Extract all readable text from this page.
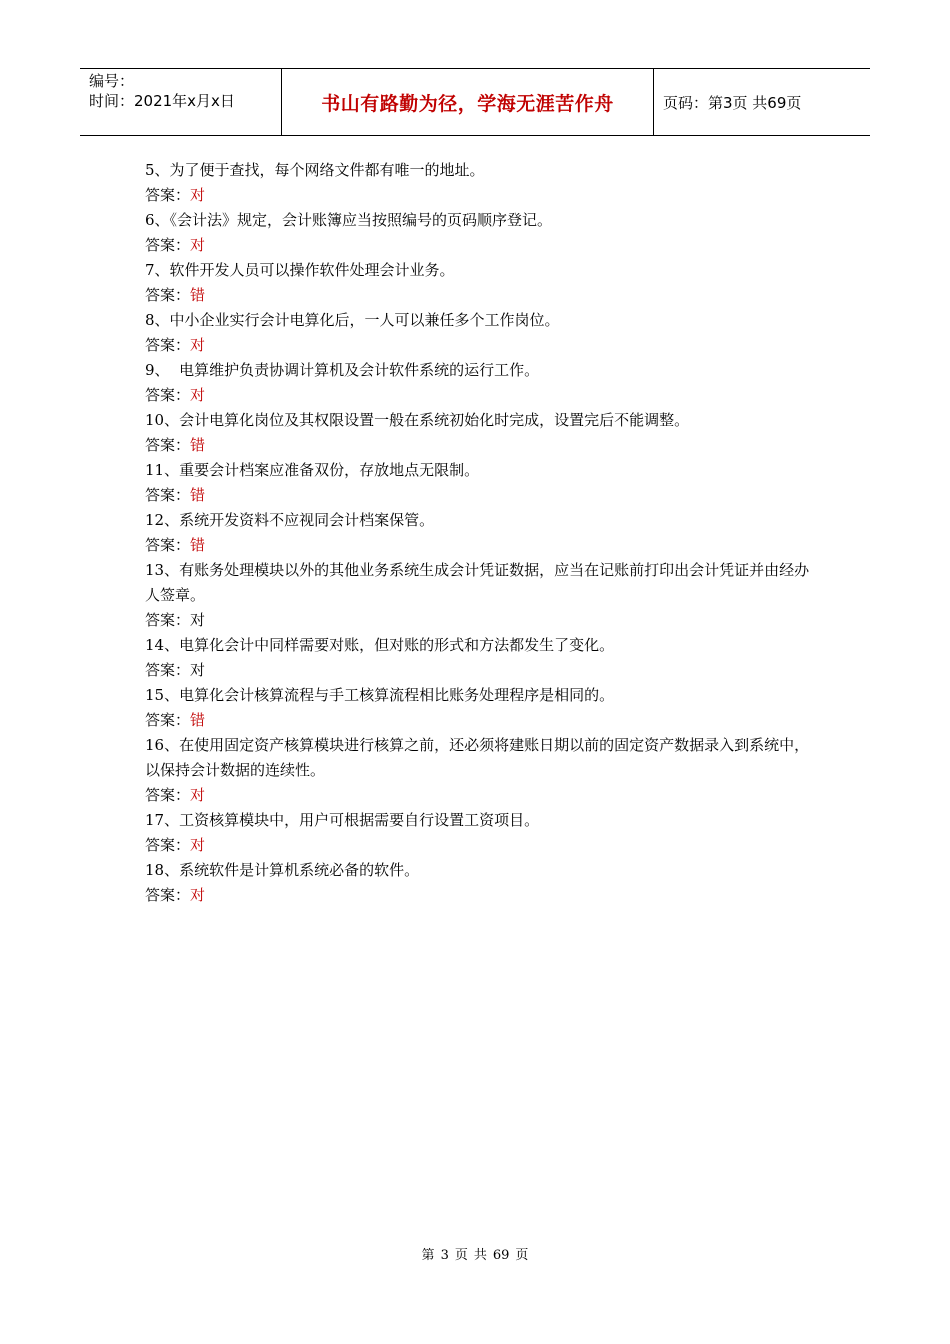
编号：
时间：2021年x月x日	书山有路勤为径，学海无涯苦作舟	页码：第3页 共69页
5、为了便于查找，每个网络文件都有唯一的地址。
答案：对
6、《会计法》规定，会计账簿应当按照编号的页码顺序登记。
答案：对
7、软件开发人员可以操作软件处理会计业务。
答案：错
8、中小企业实行会计电算化后，一人可以兼任多个工作岗位。
答案：对
9、  电算维护负责协调计算机及会计软件系统的运行工作。
答案：对
10、会计电算化岗位及其权限设置一般在系统初始化时完成，设置完后不能调整。
答案：错
11、重要会计档案应准备双份，存放地点无限制。
答案：错
12、系统开发资料不应视同会计档案保管。
答案：错
13、有账务处理模块以外的其他业务系统生成会计凭证数据，应当在记账前打印出会计凭证并由经办人签章。
答案：对
14、电算化会计中同样需要对账，但对账的形式和方法都发生了变化。
答案：对
15、电算化会计核算流程与手工核算流程相比账务处理程序是相同的。
答案：错
16、在使用固定资产核算模块进行核算之前，还必须将建账日期以前的固定资产数据录入到系统中，以保持会计数据的连续性。
答案：对
17、工资核算模块中，用户可根据需要自行设置工资项目。
答案：对
18、系统软件是计算机系统必备的软件。
答案：对
第 3 页 共 69 页
